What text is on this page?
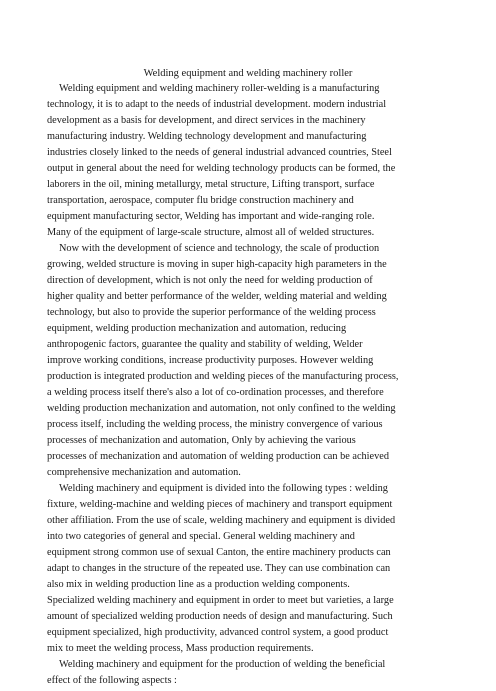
Welding equipment and welding machinery roller
Welding equipment and welding machinery roller-welding is a manufacturing
technology, it is to adapt to the needs of industrial development. modern industrial
development as a basis for development, and direct services in the machinery
manufacturing industry. Welding technology development and manufacturing
industries closely linked to the needs of general industrial advanced countries, Steel
output in general about the need for welding technology products can be formed, the
laborers in the oil, mining metallurgy, metal structure, Lifting transport, surface
transportation, aerospace, computer flu bridge construction machinery and
equipment manufacturing sector, Welding has important and wide-ranging role.
Many of the equipment of large-scale structure, almost all of welded structures.
Now with the development of science and technology, the scale of production
growing, welded structure is moving in super high-capacity high parameters in the
direction of development, which is not only the need for welding production of
higher quality and better performance of the welder, welding material and welding
technology, but also to provide the superior performance of the welding process
equipment, welding production mechanization and automation, reducing
anthropogenic factors, guarantee the quality and stability of welding, Welder
improve working conditions, increase productivity purposes. However welding
production is integrated production and welding pieces of the manufacturing process,
a welding process itself there's also a lot of co-ordination processes, and therefore
welding production mechanization and automation, not only confined to the welding
process itself, including the welding process, the ministry convergence of various
processes of mechanization and automation, Only by achieving the various
processes of mechanization and automation of welding production can be achieved
comprehensive mechanization and automation.
Welding machinery and equipment is divided into the following types : welding
fixture, welding-machine and welding pieces of machinery and transport equipment
other affiliation. From the use of scale, welding machinery and equipment is divided
into two categories of general and special. General welding machinery and
equipment strong common use of sexual Canton, the entire machinery products can
adapt to changes in the structure of the repeated use. They can use combination can
also mix in welding production line as a production welding components.
Specialized welding machinery and equipment in order to meet but varieties, a large
amount of specialized welding production needs of design and manufacturing. Such
equipment specialized, high productivity, advanced control system, a good product
mix to meet the welding process, Mass production requirements.
Welding machinery and equipment for the production of welding the beneficial
effect of the following aspects :
